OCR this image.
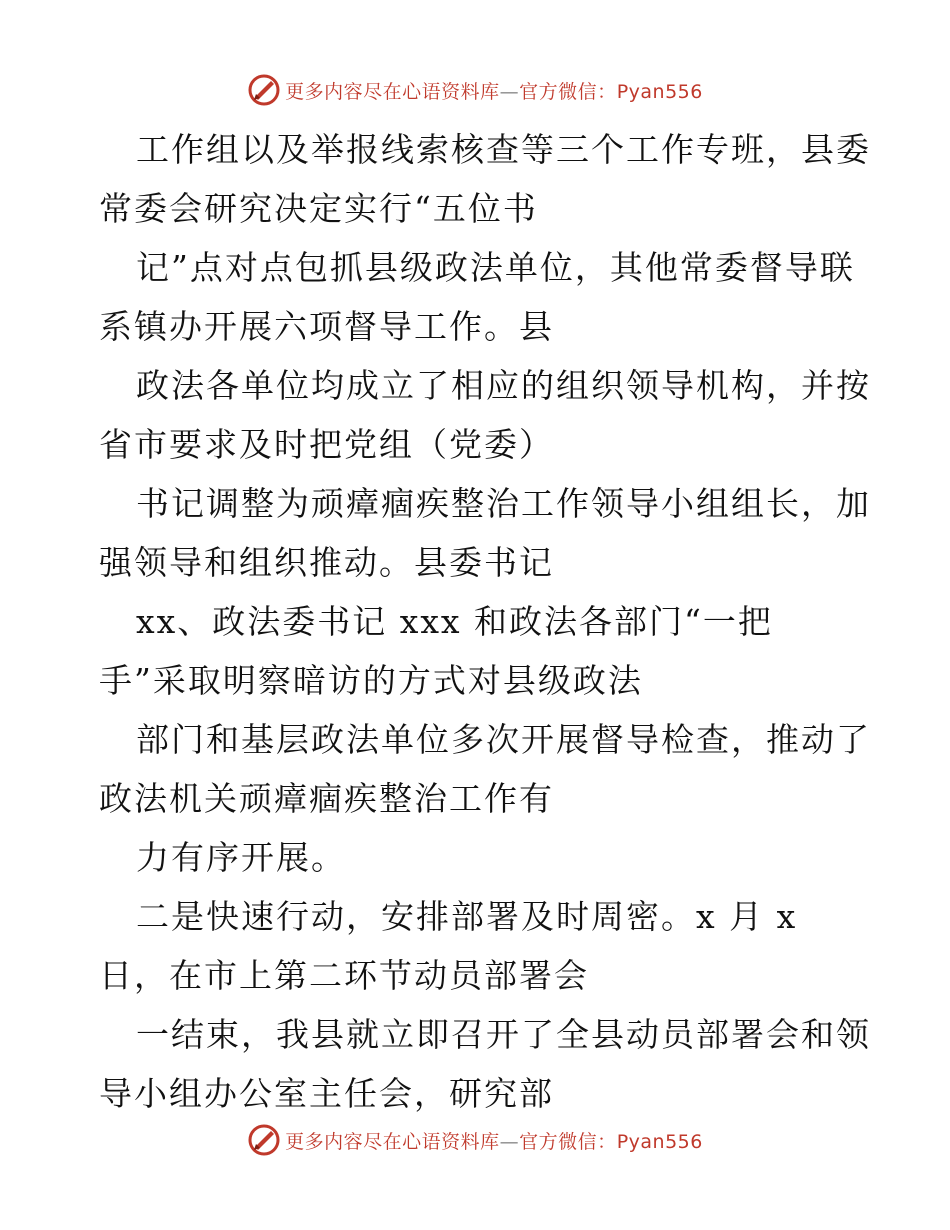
更多内容尽在心语资料库—官方微信：Pyan556

工作组以及举报线索核查等三个工作专班，县委
常委会研究决定实行“五位书
记”点对点包抓县级政法单位，其他常委督导联
系镇办开展六项督导工作。县
政法各单位均成立了相应的组织领导机构，并按
省市要求及时把党组（党委）
书记调整为顽瘴痼疾整治工作领导小组组长，加
强领导和组织推动。县委书记
xx、政法委书记 xxx 和政法各部门“一把
手”采取明察暗访的方式对县级政法
部门和基层政法单位多次开展督导检查，推动了
政法机关顽瘴痼疾整治工作有
力有序开展。
二是快速行动，安排部署及时周密。x 月 x
日，在市上第二环节动员部署会
一结束，我县就立即召开了全县动员部署会和领
导小组办公室主任会，研究部

更多内容尽在心语资料库—官方微信：Pyan556
